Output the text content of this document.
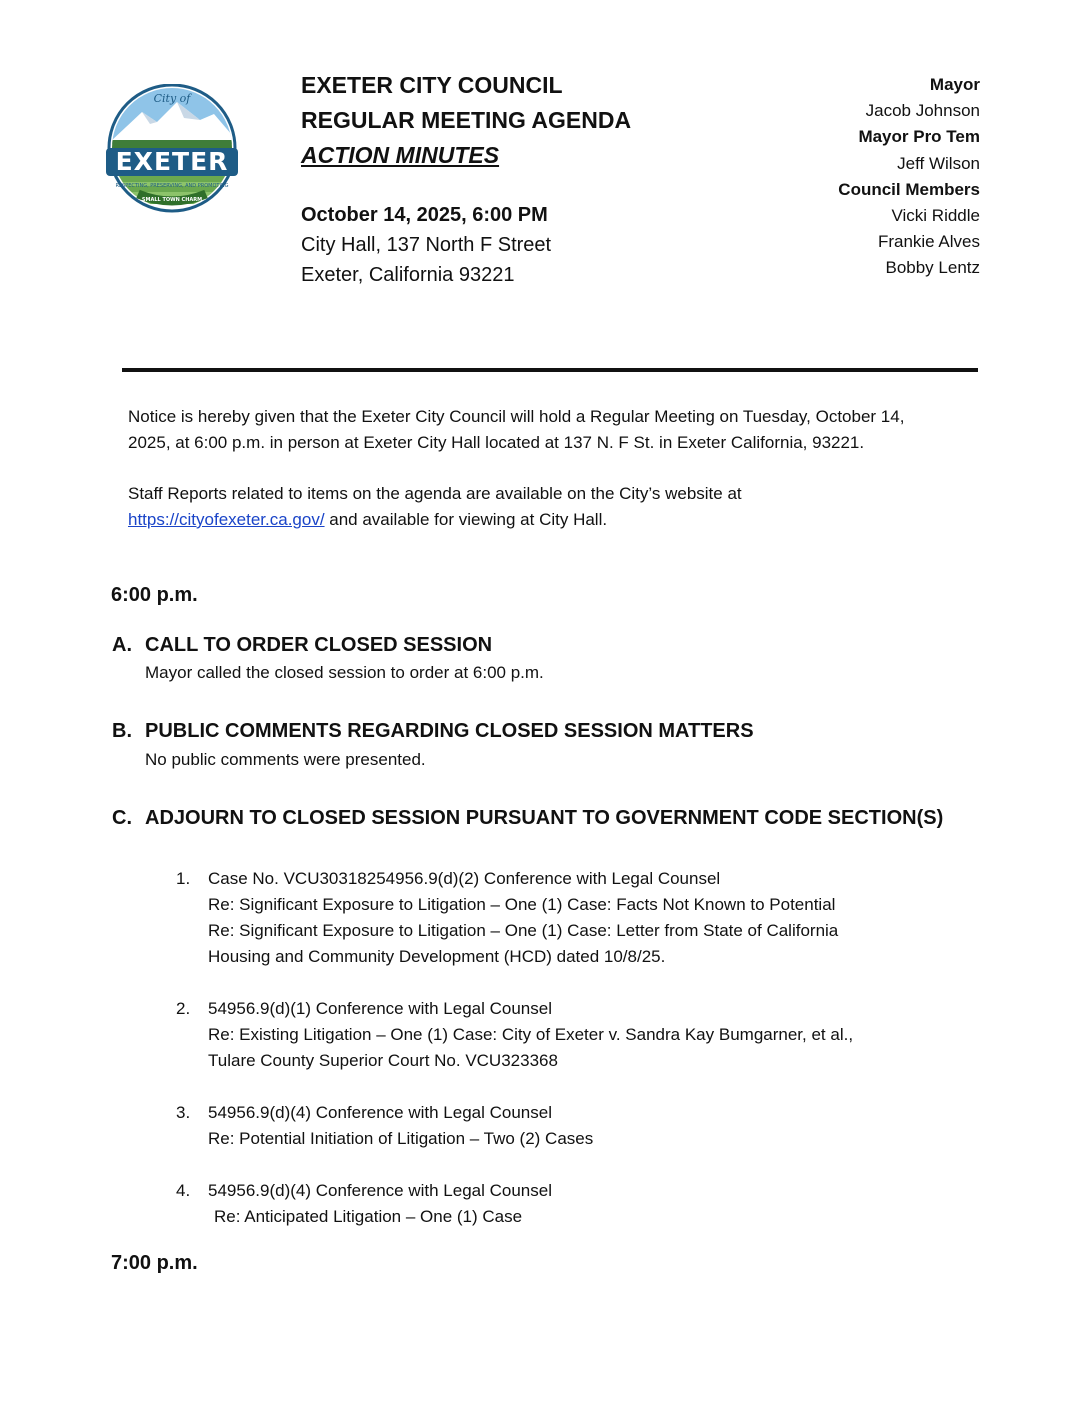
City of
EXETER
RESPECTING, PRESERVING, AND PROMOTING
SMALL TOWN CHARM
EXETER CITY COUNCIL
REGULAR MEETING AGENDA
ACTION MINUTES
October 14, 2025, 6:00 PM
City Hall, 137 North F Street
Exeter, California 93221
Mayor
Jacob Johnson
Mayor Pro Tem
Jeff Wilson
Council Members
Vicki Riddle
Frankie Alves
Bobby Lentz

Notice is hereby given that the Exeter City Council will hold a Regular Meeting on Tuesday, October 14, 2025, at 6:00 p.m. in person at Exeter City Hall located at 137 N. F St. in Exeter California, 93221.

Staff Reports related to items on the agenda are available on the City’s website at
https://cityofexeter.ca.gov/ and available for viewing at City Hall.

6:00 p.m.
A. CALL TO ORDER CLOSED SESSION
Mayor called the closed session to order at 6:00 p.m.
B. PUBLIC COMMENTS REGARDING CLOSED SESSION MATTERS
No public comments were presented.
C. ADJOURN TO CLOSED SESSION PURSUANT TO GOVERNMENT CODE SECTION(S)
1.	Case No. VCU30318254956.9(d)(2) Conference with Legal Counsel
Re: Significant Exposure to Litigation – One (1) Case: Facts Not Known to Potential
Re: Significant Exposure to Litigation – One (1) Case: Letter from State of California
Housing and Community Development (HCD) dated 10/8/25.
2.	54956.9(d)(1) Conference with Legal Counsel
Re: Existing Litigation – One (1) Case: City of Exeter v. Sandra Kay Bumgarner, et al.,
Tulare County Superior Court No. VCU323368
3.	54956.9(d)(4) Conference with Legal Counsel
Re: Potential Initiation of Litigation – Two (2) Cases
4.	54956.9(d)(4) Conference with Legal Counsel
Re: Anticipated Litigation – One (1) Case
7:00 p.m.
